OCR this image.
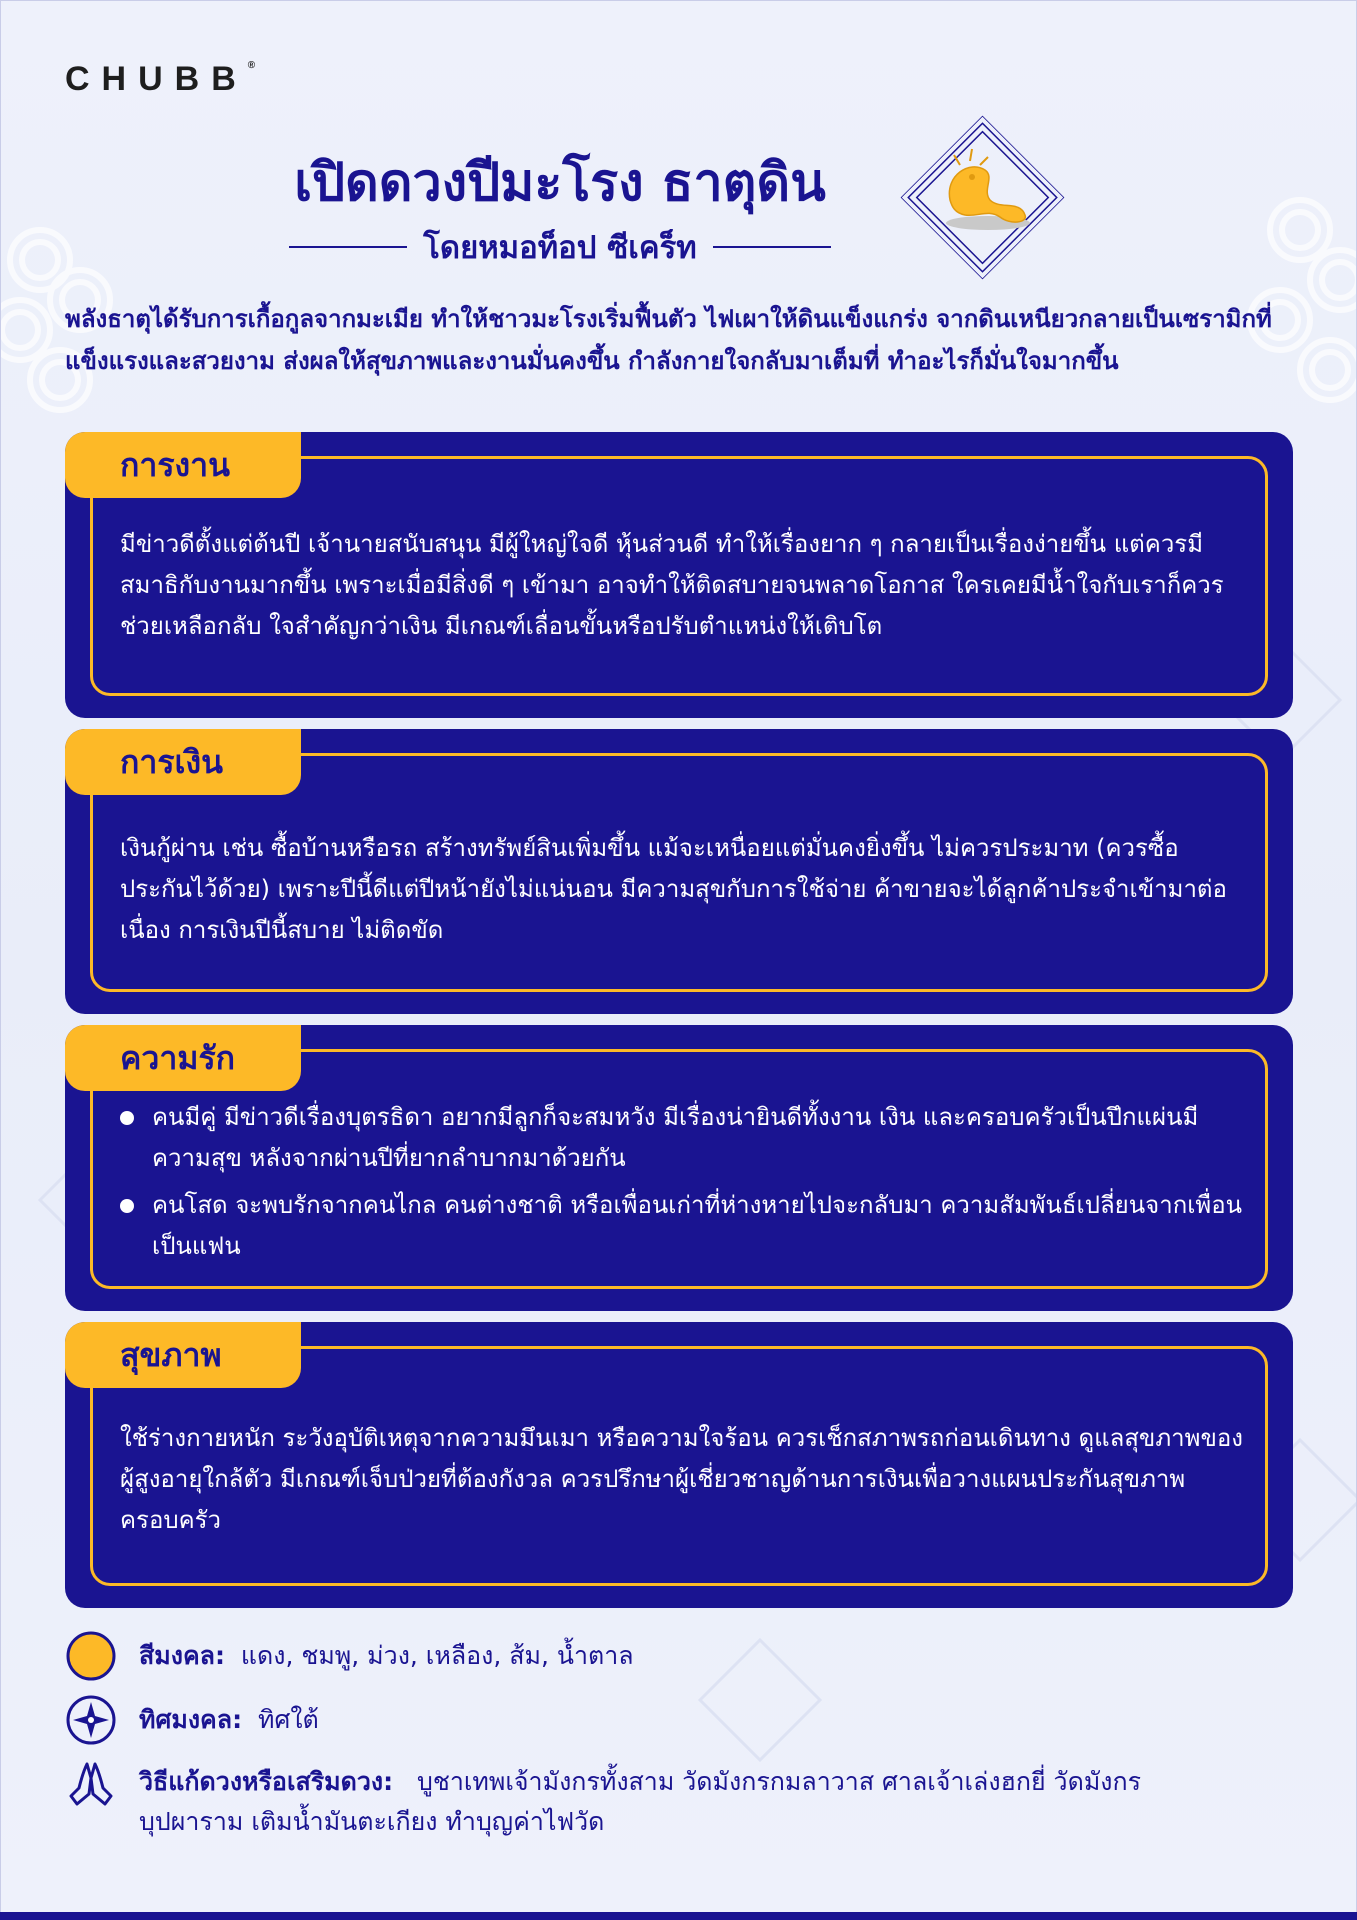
CHUBB®
เปิดดวงปีมะโรง ธาตุดิน
โดยหมอท็อป ซีเคร็ท
พลังธาตุได้รับการเกื้อกูลจากมะเมีย ทำให้ชาวมะโรงเริ่มฟื้นตัว ไฟเผาให้ดินแข็งแกร่ง จากดินเหนียวกลายเป็นเซรามิกที่แข็งแรงและสวยงาม ส่งผลให้สุขภาพและงานมั่นคงขึ้น กำลังกายใจกลับมาเต็มที่ ทำอะไรก็มั่นใจมากขึ้น
การงาน
มีข่าวดีตั้งแต่ต้นปี เจ้านายสนับสนุน มีผู้ใหญ่ใจดี หุ้นส่วนดี ทำให้เรื่องยาก ๆ กลายเป็นเรื่องง่ายขึ้น แต่ควรมีสมาธิกับงานมากขึ้น เพราะเมื่อมีสิ่งดี ๆ เข้ามา อาจทำให้ติดสบายจนพลาดโอกาส ใครเคยมีน้ำใจกับเราก็ควรช่วยเหลือกลับ ใจสำคัญกว่าเงิน มีเกณฑ์เลื่อนขั้นหรือปรับตำแหน่งให้เติบโต
การเงิน
เงินกู้ผ่าน เช่น ซื้อบ้านหรือรถ สร้างทรัพย์สินเพิ่มขึ้น แม้จะเหนื่อยแต่มั่นคงยิ่งขึ้น ไม่ควรประมาท (ควรซื้อประกันไว้ด้วย) เพราะปีนี้ดีแต่ปีหน้ายังไม่แน่นอน มีความสุขกับการใช้จ่าย ค้าขายจะได้ลูกค้าประจำเข้ามาต่อเนื่อง การเงินปีนี้สบาย ไม่ติดขัด
ความรัก
คนมีคู่ มีข่าวดีเรื่องบุตรธิดา อยากมีลูกก็จะสมหวัง มีเรื่องน่ายินดีทั้งงาน เงิน และครอบครัวเป็นปึกแผ่นมีความสุข หลังจากผ่านปีที่ยากลำบากมาด้วยกัน
คนโสด จะพบรักจากคนไกล คนต่างชาติ หรือเพื่อนเก่าที่ห่างหายไปจะกลับมา ความสัมพันธ์เปลี่ยนจากเพื่อนเป็นแฟน
สุขภาพ
ใช้ร่างกายหนัก ระวังอุบัติเหตุจากความมึนเมา หรือความใจร้อน ควรเช็กสภาพรถก่อนเดินทาง ดูแลสุขภาพของผู้สูงอายุใกล้ตัว มีเกณฑ์เจ็บป่วยที่ต้องกังวล ควรปรึกษาผู้เชี่ยวชาญด้านการเงินเพื่อวางแผนประกันสุขภาพครอบครัว
สีมงคล: แดง, ชมพู, ม่วง, เหลือง, ส้ม, น้ำตาล
ทิศมงคล: ทิศใต้
วิธีแก้ดวงหรือเสริมดวง: บูชาเทพเจ้ามังกรทั้งสาม วัดมังกรกมลาวาส ศาลเจ้าเล่งฮกยี่ วัดมังกรบุปผาราม เติมน้ำมันตะเกียง ทำบุญค่าไฟวัด
